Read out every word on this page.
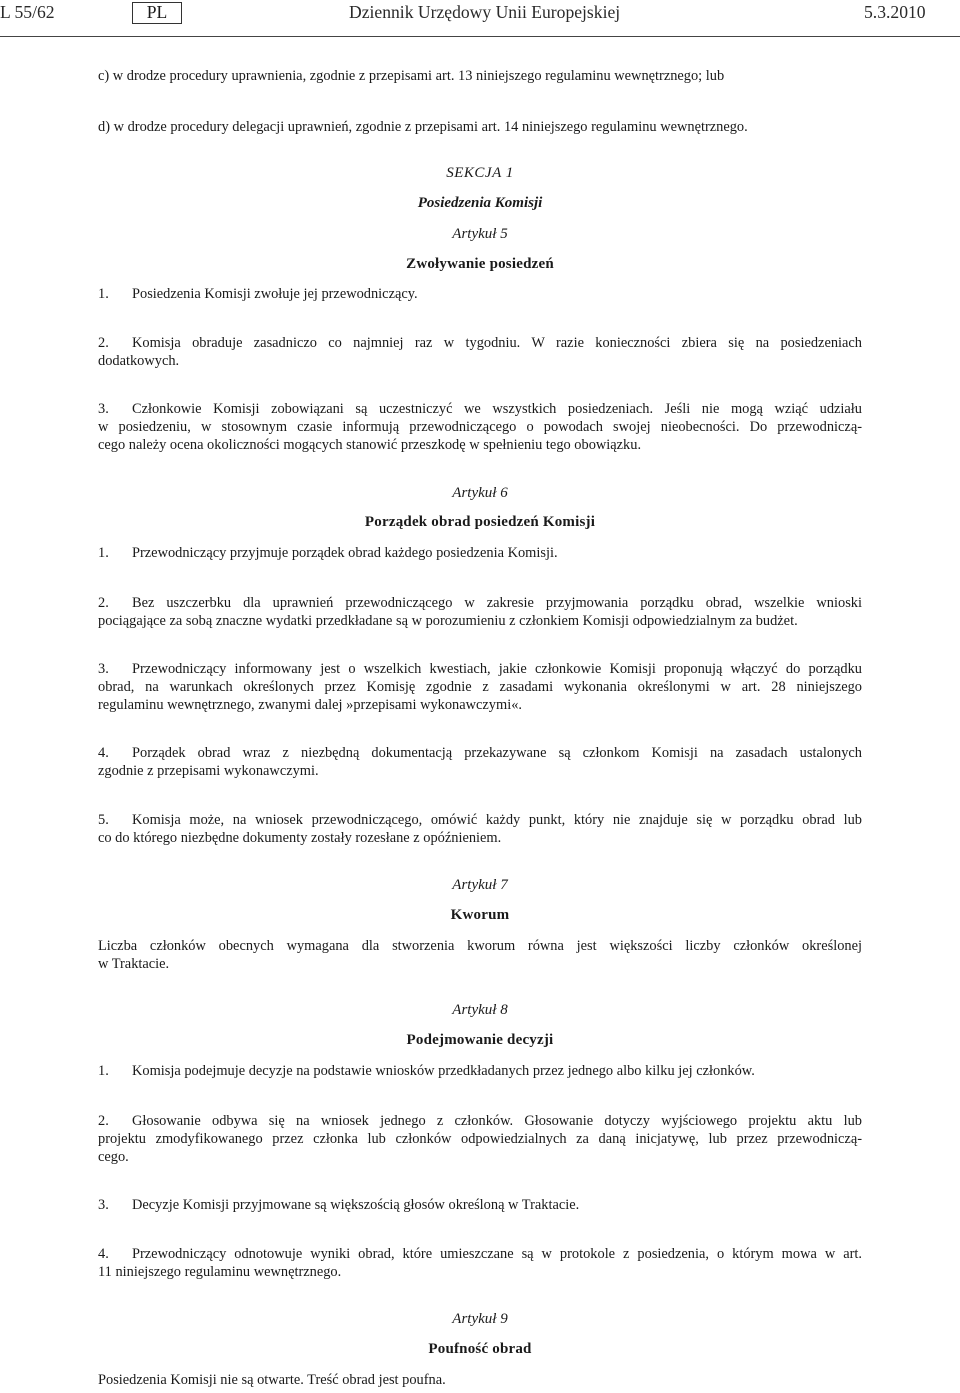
L 55/62	PL	Dziennik Urzędowy Unii Europejskiej	5.3.2010
c) w drodze procedury uprawnienia, zgodnie z przepisami art. 13 niniejszego regulaminu wewnętrznego; lub
d) w drodze procedury delegacji uprawnień, zgodnie z przepisami art. 14 niniejszego regulaminu wewnętrznego.
SEKCJA 1
Posiedzenia Komisji
Artykuł 5
Zwoływanie posiedzeń
1. Posiedzenia Komisji zwołuje jej przewodniczący.
2. Komisja obraduje zasadniczo co najmniej raz w tygodniu. W razie konieczności zbiera się na posiedzeniach
dodatkowych.
3. Członkowie Komisji zobowiązani są uczestniczyć we wszystkich posiedzeniach. Jeśli nie mogą wziąć udziału
w posiedzeniu, w stosownym czasie informują przewodniczącego o powodach swojej nieobecności. Do przewodniczą-
cego należy ocena okoliczności mogących stanowić przeszkodę w spełnieniu tego obowiązku.
Artykuł 6
Porządek obrad posiedzeń Komisji
1. Przewodniczący przyjmuje porządek obrad każdego posiedzenia Komisji.
2. Bez uszczerbku dla uprawnień przewodniczącego w zakresie przyjmowania porządku obrad, wszelkie wnioski
pociągające za sobą znaczne wydatki przedkładane są w porozumieniu z członkiem Komisji odpowiedzialnym za budżet.
3. Przewodniczący informowany jest o wszelkich kwestiach, jakie członkowie Komisji proponują włączyć do porządku
obrad, na warunkach określonych przez Komisję zgodnie z zasadami wykonania określonymi w art. 28 niniejszego
regulaminu wewnętrznego, zwanymi dalej »przepisami wykonawczymi«.
4. Porządek obrad wraz z niezbędną dokumentacją przekazywane są członkom Komisji na zasadach ustalonych
zgodnie z przepisami wykonawczymi.
5. Komisja może, na wniosek przewodniczącego, omówić każdy punkt, który nie znajduje się w porządku obrad lub
co do którego niezbędne dokumenty zostały rozesłane z opóźnieniem.
Artykuł 7
Kworum
Liczba członków obecnych wymagana dla stworzenia kworum równa jest większości liczby członków określonej
w Traktacie.
Artykuł 8
Podejmowanie decyzji
1. Komisja podejmuje decyzje na podstawie wniosków przedkładanych przez jednego albo kilku jej członków.
2. Głosowanie odbywa się na wniosek jednego z członków. Głosowanie dotyczy wyjściowego projektu aktu lub
projektu zmodyfikowanego przez członka lub członków odpowiedzialnych za daną inicjatywę, lub przez przewodniczą-
cego.
3. Decyzje Komisji przyjmowane są większością głosów określoną w Traktacie.
4. Przewodniczący odnotowuje wyniki obrad, które umieszczane są w protokole z posiedzenia, o którym mowa w art.
11 niniejszego regulaminu wewnętrznego.
Artykuł 9
Poufność obrad
Posiedzenia Komisji nie są otwarte. Treść obrad jest poufna.
